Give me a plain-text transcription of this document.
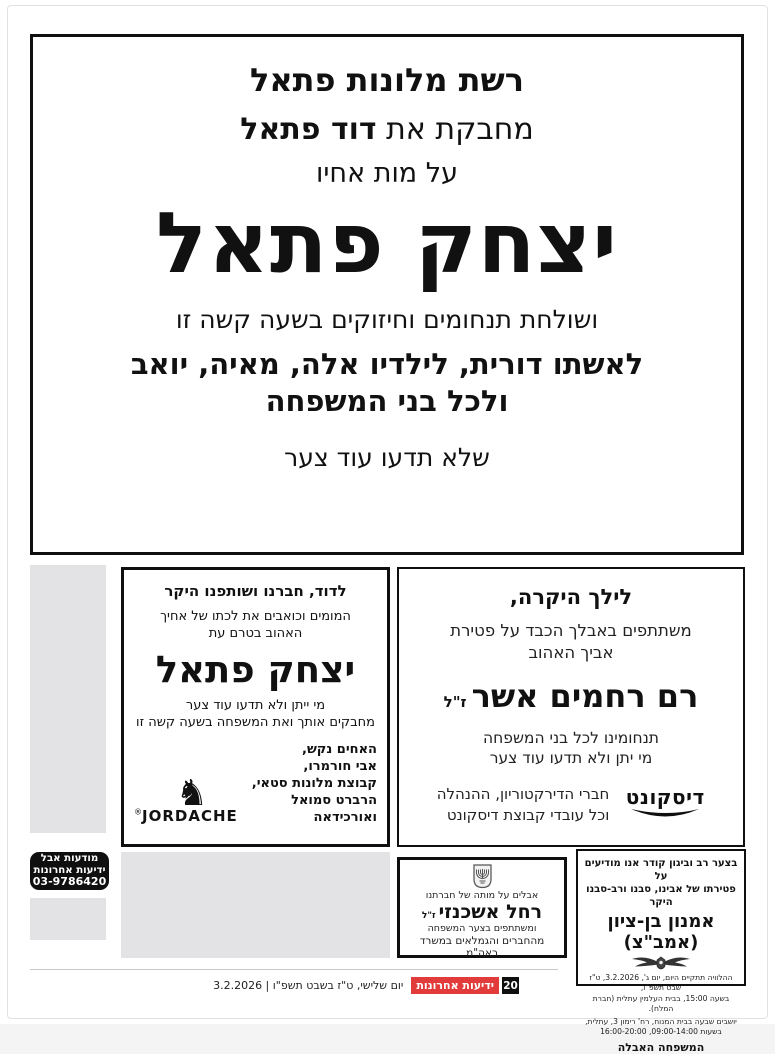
רשת מלונות פתאל
מחבקת את דוד פתאל
על מות אחיו
יצחק פתאל
ושולחת תנחומים וחיזוקים בשעה קשה זו
לאשתו דורית, לילדיו אלה, מאיה, יואב
ולכל בני המשפחה
שלא תדעו עוד צער
לדוד, חברנו ושותפנו היקר
המומים וכואבים את לכתו של אחיך
האהוב בטרם עת
יצחק פתאל
מי ייתן ולא תדעו עוד צער
מחבקים אותך ואת המשפחה בשעה קשה זו
האחים נקש,
אבי חורמרו,
קבוצת מלונות סטאי,
הרברט סמואל ואורכידאה
♞
JORDACHE®
לילך היקרה,
משתתפים באבלך הכבד על פטירת
אביך האהוב
רם רחמים אשר
ז"ל
תנחומינו לכל בני המשפחה
מי יתן ולא תדעו עוד צער
דיסקונט
חברי הדירקטוריון, ההנהלה
וכל עובדי קבוצת דיסקונט
אבלים על מותה של חברתנו
רחל אשכנזי
ז"ל
ומשתתפים בצער המשפחה
מהחברים והגמלאים במשרד ראה"מ
בצער רב וביגון קודר אנו מודיעים על
פטירתו של אבינו, סבנו ורב-סבנו היקר
אמנון בן-ציון (אמב"צ)
ההלוויה תתקיים היום, יום ג', 3.2.2026, ט"ז שבט תשפ"ו,
בשעה 15:00, בבית העלמין עתלית (חברת המלח).
יושבים שבעה בבית המנוח, רח' רימון 3, עתלית,
בשעות 09:00-14:00, 16:00-20:00
המשפחה האבלה
מודעות אבל
ידיעות אחרונות
03-9786420
20
ידיעות אחרונות
יום שלישי, ט"ז בשבט תשפ"ו | 3.2.2026
